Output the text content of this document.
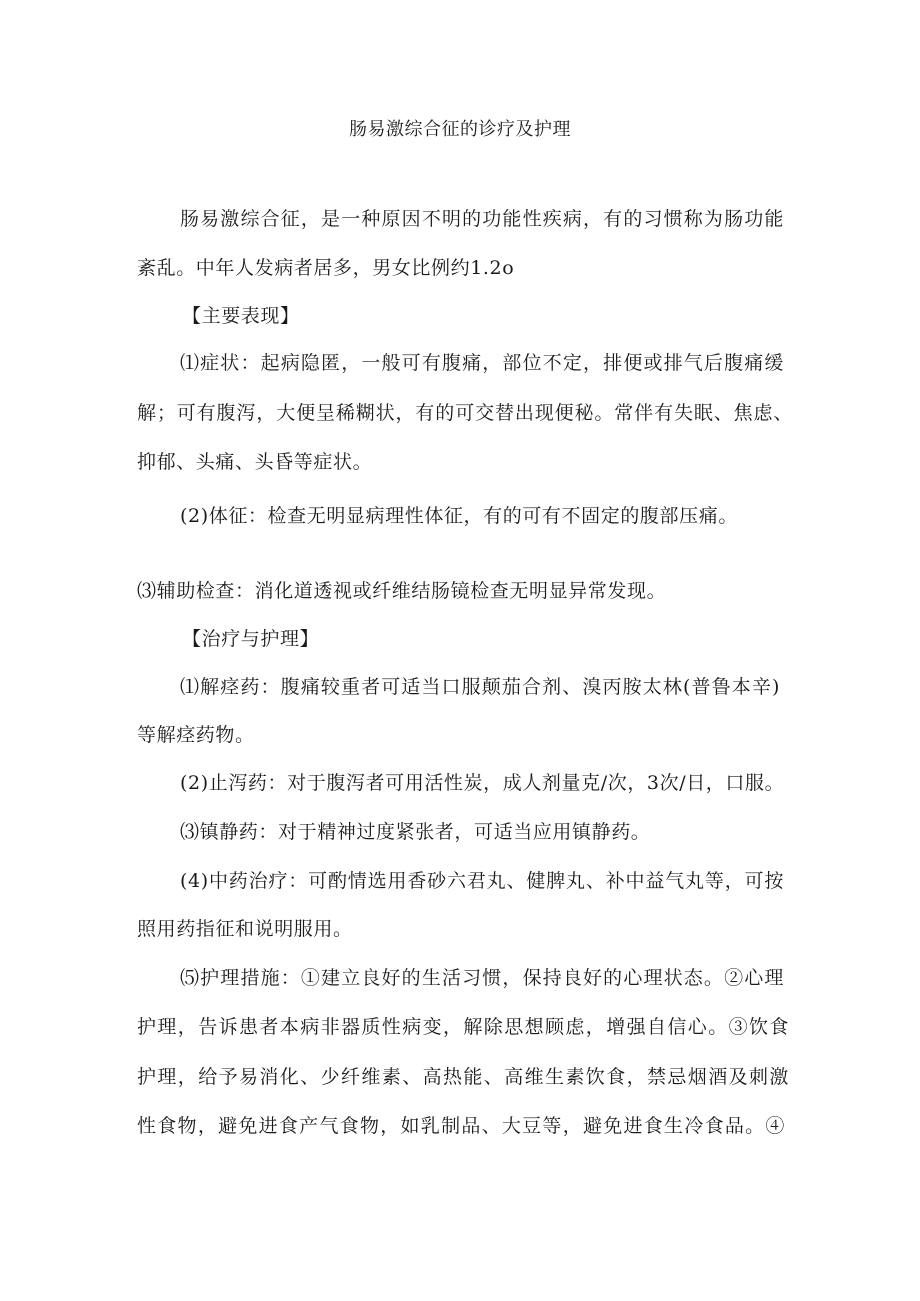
肠易激综合征的诊疗及护理
肠易激综合征，是一种原因不明的功能性疾病，有的习惯称为肠功能
紊乱。中年人发病者居多，男女比例约1.2o
【主要表现】
⑴症状：起病隐匿，一般可有腹痛，部位不定，排便或排气后腹痛缓
解；可有腹泻，大便呈稀糊状，有的可交替出现便秘。常伴有失眠、焦虑、
抑郁、头痛、头昏等症状。
(2)体征：检查无明显病理性体征，有的可有不固定的腹部压痛。
⑶辅助检查：消化道透视或纤维结肠镜检查无明显异常发现。
【治疗与护理】
⑴解痉药：腹痛较重者可适当口服颠茄合剂、溴丙胺太林(普鲁本辛)
等解痉药物。
(2)止泻药：对于腹泻者可用活性炭，成人剂量克/次，3次/日，口服。
⑶镇静药：对于精神过度紧张者，可适当应用镇静药。
(4)中药治疗：可酌情选用香砂六君丸、健脾丸、补中益气丸等，可按
照用药指征和说明服用。
⑸护理措施：①建立良好的生活习惯，保持良好的心理状态。②心理
护理，告诉患者本病非器质性病变，解除思想顾虑，增强自信心。③饮食
护理，给予易消化、少纤维素、高热能、高维生素饮食，禁忌烟酒及刺激
性食物，避免进食产气食物，如乳制品、大豆等，避免进食生冷食品。④
